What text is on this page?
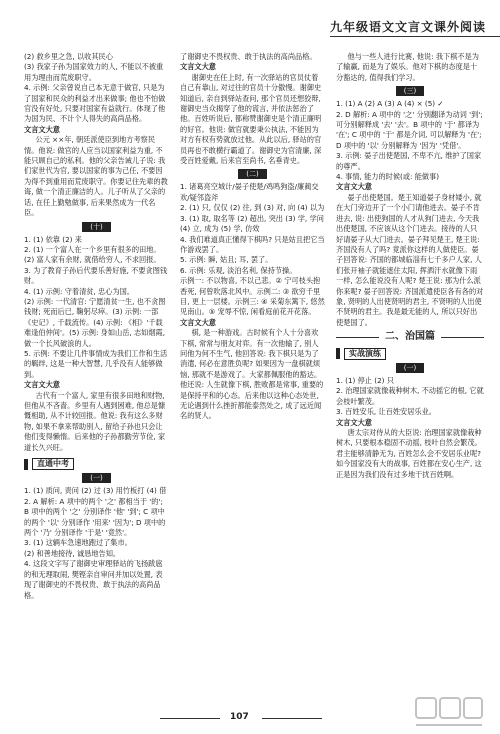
九年级语文文言文课外阅读

(2) 救乡里之急, 以收其民心

(3) 我家子孙为国家效力的人, 不能以不被重用为理由而荒废职守。

4. 示例: 父亲曾说自己本无意于做官, 只是为了国家和民众的利益才出来做事; 他也不怕做官没有好处, 只要对国家有益就行。体现了他为国为民、不计个人得失的高尚品格。

文言文大意

公元 ××年, 朝廷派使臣到地方考察民情。他说: 做官的人应当以国家利益为重, 不能只顾自己的私利。他的父亲告诫儿子说: 我们家世代为官, 要以国家的事为己任, 不要因为得不到重用而荒废职守。你要记住先辈的教诲, 做一个清正廉洁的人。儿子听从了父亲的话, 在任上勤勉做事, 后来果然成为一代名臣。

(十)

1. (1) 依靠 (2) 来

2. (1) 一个富人在一个乡里有很多的田地。

(2) 富人家有余财, 就借给穷人, 不求回报。

3. 为了教育子孙后代要乐善好施, 不要贪图钱财。

4. (1) 示例: 守着清贫, 忠心为国。

(2) 示例: 一代清官: 宁愿清贫一生, 也不贪图钱财; 死而后已, 鞠躬尽瘁。(3) 示例: 一部《史记》, 千载流传。(4) 示例: 《相》'千载难逢伯仲间'。(5) 示例: 身如山岳, 志如烟霞, 做一个长风破浪的人。

5. 示例: 不要让几件事情成为我们工作和生活的羁绊, 这是一种大智慧, 几乎没有人能够做到。

文言文大意

古代有一个富人, 家里有很多田地和财物, 但他从不吝啬。乡里有人遇到困难, 他总是慷慨相助, 从不计较回报。他说: 我有这么多财物, 如果不拿来帮助别人, 留给子孙也只会让他们变得懒惰。后来他的子孙都勤劳节俭, 家道长久兴旺。

直通中考
(一)

1. (1) 质问, 责问 (2) 过 (3) 用竹板打 (4) 借

2. A 解析: A 项中的两个 '之' 都相当于 '的'; B 项中的两个 '之' 分别译作 '他' '到'; C 项中的两个 '以' 分别译作 '用来' '因为'; D 项中的两个 '乃' 分别译作 '于是' '竟然'。

3. (1) 这辆车急速地跑过了集市。

(2) 和善地接待, 诚恳地告知。

4. 这段文字写了谢御史审理驿站的飞扬跋扈的和无理取闹, 樊铿亲自审问并加以处置, 表现了谢御史的不畏权贵、敢于执法的高尚品格。

了谢御史不畏权贵、敢于执法的高尚品格。

文言文大意

谢御史在任上时, 有一次驿站的官员仗着自己有靠山, 对过往的官员十分傲慢。谢御史知道后, 亲自到驿站查问, 那个官员还想狡辩, 谢御史当众揭穿了他的谎言, 并依法惩治了他。百姓听说后, 都称赞谢御史是个清正廉明的好官。他说: 做官就要秉公执法, 不能因为对方有权有势就放过他。从此以后, 驿站的官员再也不敢横行霸道了。谢御史为官清廉, 深受百姓爱戴, 后来官至尚书, 名垂青史。

(二)

1. 诸葛亮空城计/晏子使楚/鸡鸣狗盗/廉蔺交欢/疑邻盗斧

2. (1) 只, 仅仅 (2) 往, 到 (3) 对, 向 (4) 以为

3. (1) 取, 取名等 (2) 超出, 突出 (3) 学, 学问 (4) 立, 成为 (5) 学, 仿效

4. 我们难道真正懂得下棋吗? 只是姑且把它当作游戏罢了。

5. 示例: 瞬, 姑且; 耳, 罢了。

6. 示例: 乐观, 淡泊名利, 保持节操。

示例一: 不以物喜, 不以己悲。② 宁可枝头抱香死, 何曾吹落北风中。示例二: ③ 欲穷千里目, 更上一层楼。示例三: ④ 采菊东篱下, 悠然见南山。⑤ 宠辱不惊, 闲看庭前花开花落。

文言文大意

棋, 是一种游戏。古时候有个人十分喜欢下棋, 常常与朋友对弈。有一次他输了, 别人问他为何不生气, 他回答说: 我下棋只是为了消遣, 何必在意胜负呢? 如果因为一盘棋就烦恼, 那就不是游戏了。大家都佩服他的豁达。他还说: 人生就像下棋, 胜败都是常事, 重要的是保持平和的心态。后来他以这种心态处世, 无论遇到什么挫折都能泰然处之, 成了远近闻名的贤人。

他与一些人进行比赛, 他说: 我下棋不是为了输赢, 而是为了娱乐。他对下棋的态度是十分豁达的, 值得我们学习。

(三)

1. (1) A (2) A (3) A (4) × (5) ✓

2. D 解析: A 项中的 '之' 分别翻译为动词 '到'; 可分别解释成 '去' '去'。B 项中的 '于' 都译为 '在'; C 项中的 '于' 都是介词, 可以解释为 '在'; D 项中的 '以' 分别解释为 '因为' '凭借'。

3. 示例: 晏子出使楚国, 不卑不亢, 维护了国家的尊严。

4. 事情, 能力的时候(或: 能做事)

文言文大意

晏子出使楚国。楚王知道晏子身材矮小, 就在大门旁边开了一个小门请他进去。晏子不肯进去, 说: 出使狗国的人才从狗门进去, 今天我出使楚国, 不应该从这个门进去。接待的人只好请晏子从大门进去。晏子拜见楚王, 楚王说: 齐国没有人了吗? 竟派你这样的人做使臣。晏子回答说: 齐国的都城临淄有七千多户人家, 人们张开袖子就能遮住太阳, 挥洒汗水就像下雨一样, 怎么能说没有人呢? 楚王说: 那为什么派你来呢? 晏子回答说: 齐国派遣使臣各有各的对象, 贤明的人出使贤明的君主, 不贤明的人出使不贤明的君主。我是最无能的人, 所以只好出使楚国了。

二、治国篇
实战演练
(一)

1. (1) 停止 (2) 只

2. 治理国家就像栽种树木, 不动摇它的根, 它就会枝叶繁茂。

3. 百姓安乐, 让百姓安居乐业。

文言文大意

唐太宗对侍从的大臣说: 治理国家就像栽种树木, 只要根本稳固不动摇, 枝叶自然会繁茂。君主能够清静无为, 百姓怎么会不安居乐业呢? 如今国家没有大的战事, 百姓都在安心生产, 这正是因为我们没有过多地干扰百姓啊。

107
